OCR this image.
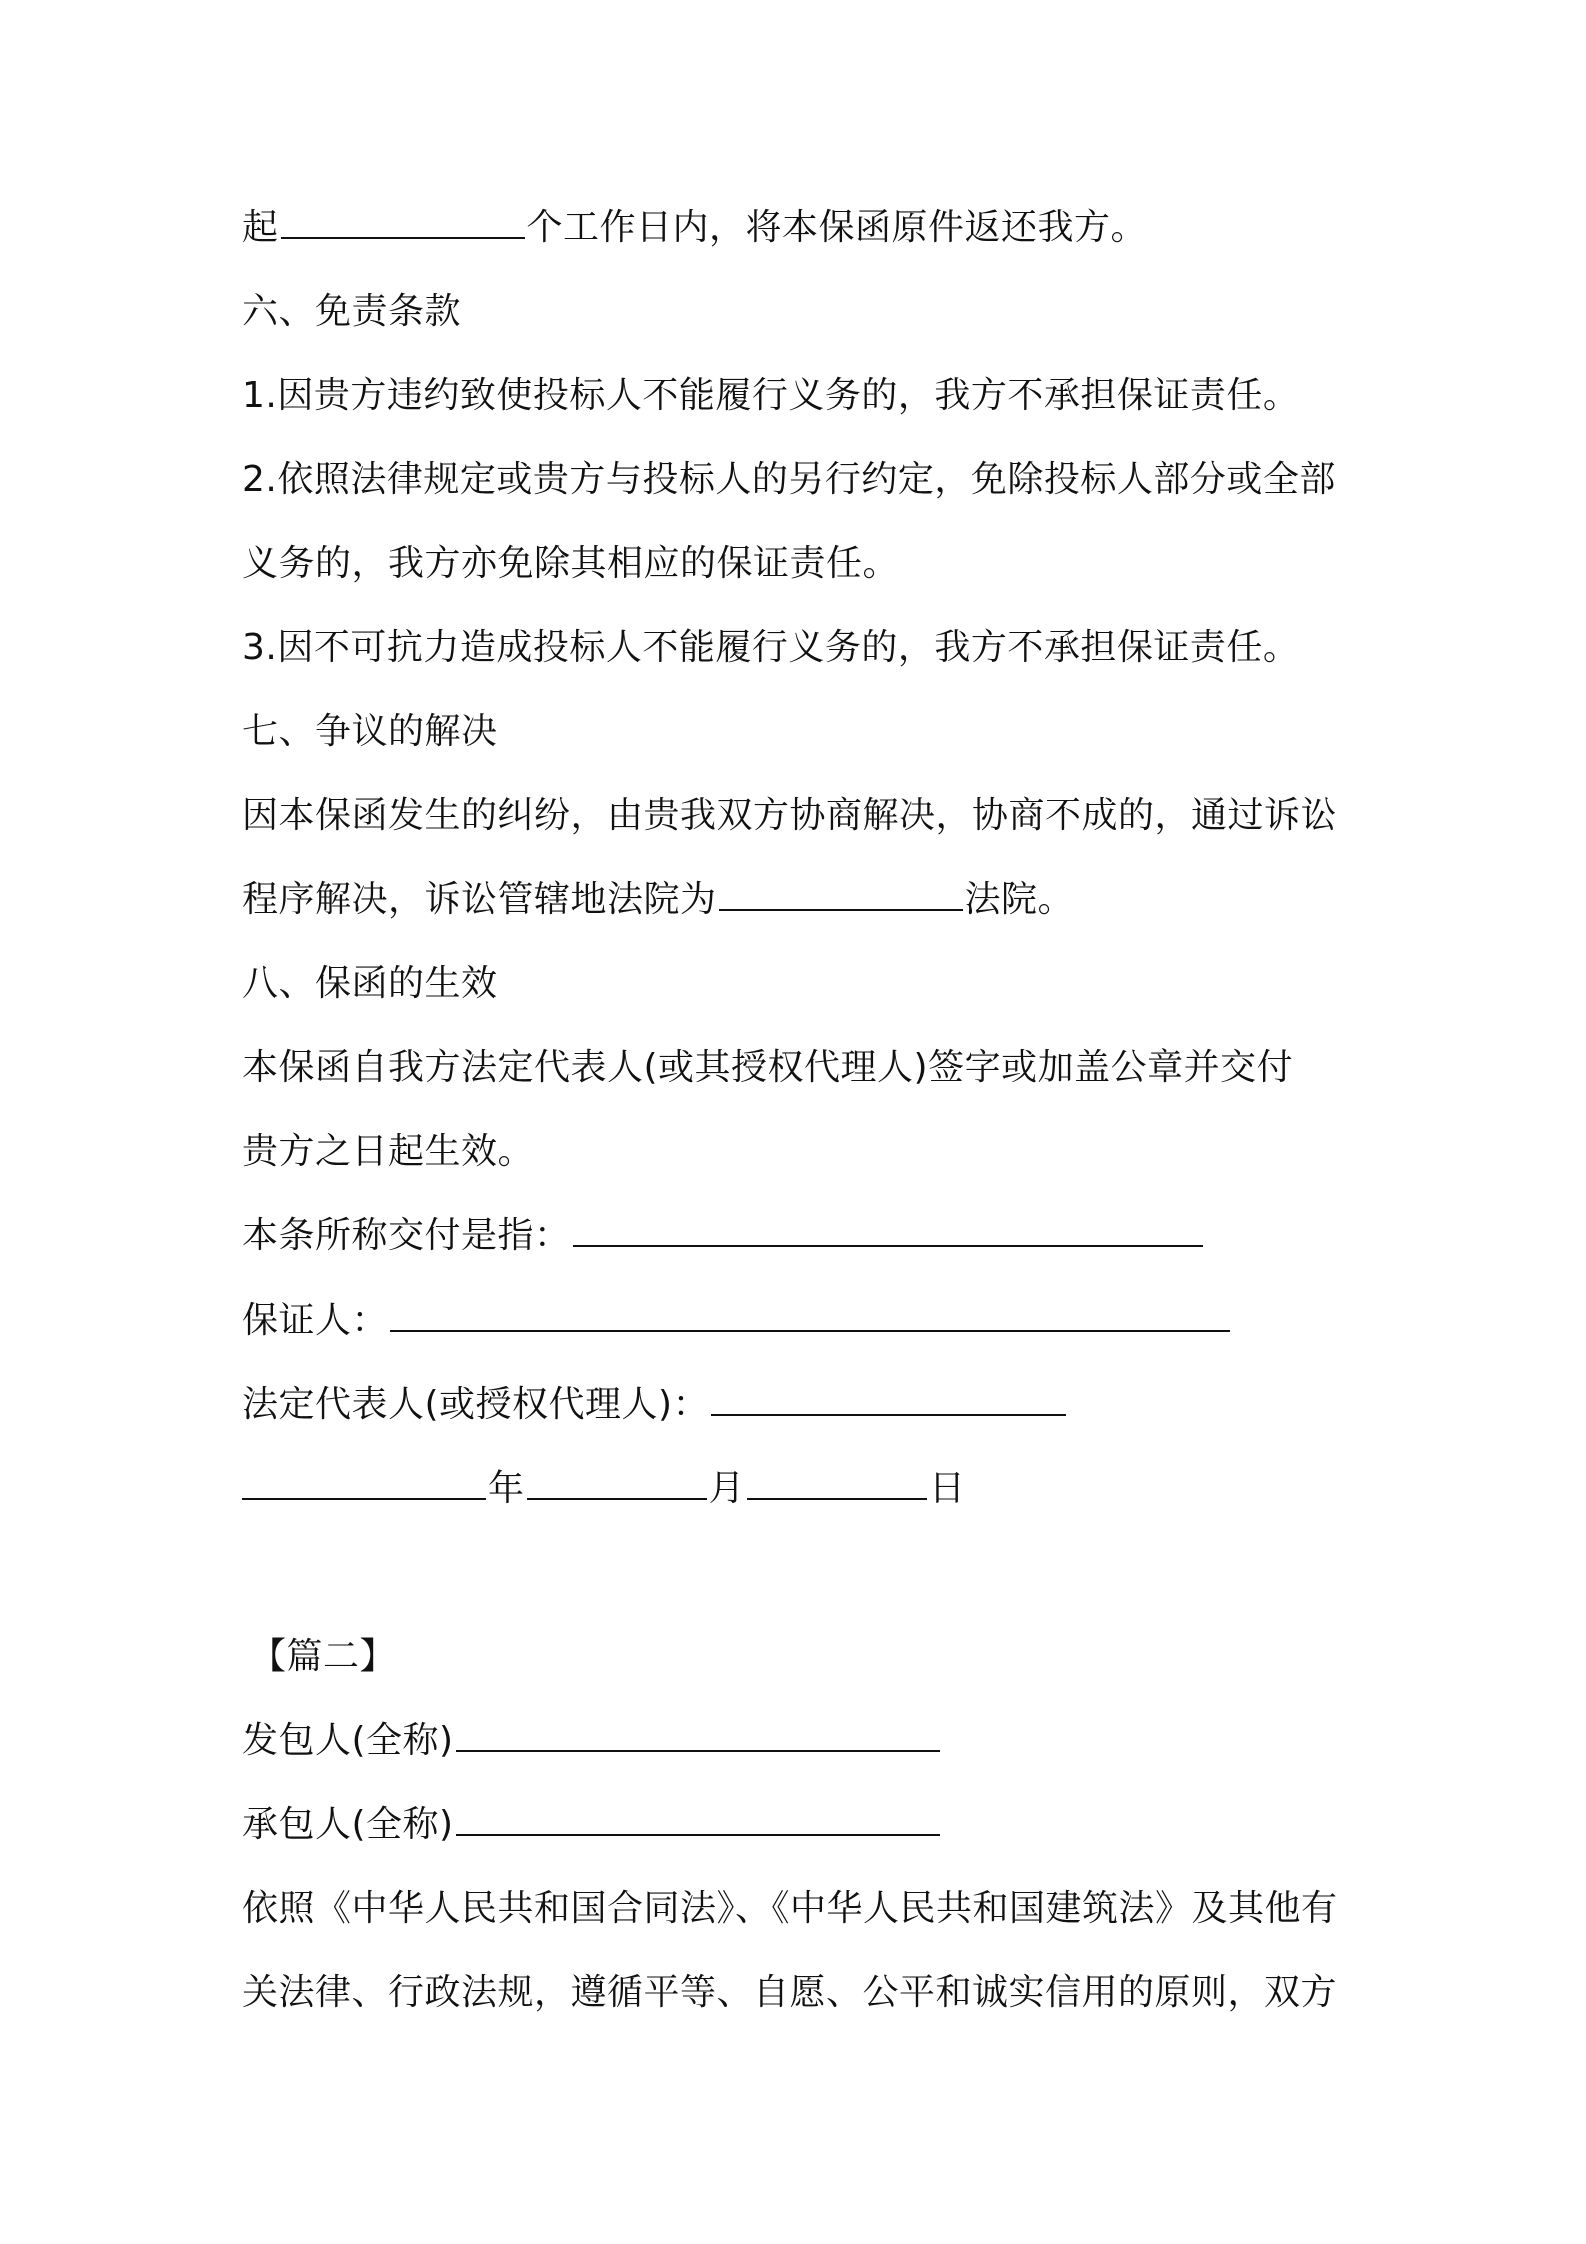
起	个工作日内，将本保函原件返还我方。
六、免责条款
1.因贵方违约致使投标人不能履行义务的，我方不承担保证责任。
2.依照法律规定或贵方与投标人的另行约定，免除投标人部分或全部
义务的，我方亦免除其相应的保证责任。
3.因不可抗力造成投标人不能履行义务的，我方不承担保证责任。
七、争议的解决
因本保函发生的纠纷，由贵我双方协商解决，协商不成的，通过诉讼
程序解决，诉讼管辖地法院为	法院。
八、保函的生效
本保函自我方法定代表人(或其授权代理人)签字或加盖公章并交付
贵方之日起生效。
本条所称交付是指：
保证人：
法定代表人(或授权代理人)：
年	月	日
【篇二】
发包人(全称)
承包人(全称)
依照《中华人民共和国合同法》、《中华人民共和国建筑法》及其他有
关法律、行政法规，遵循平等、自愿、公平和诚实信用的原则，双方
